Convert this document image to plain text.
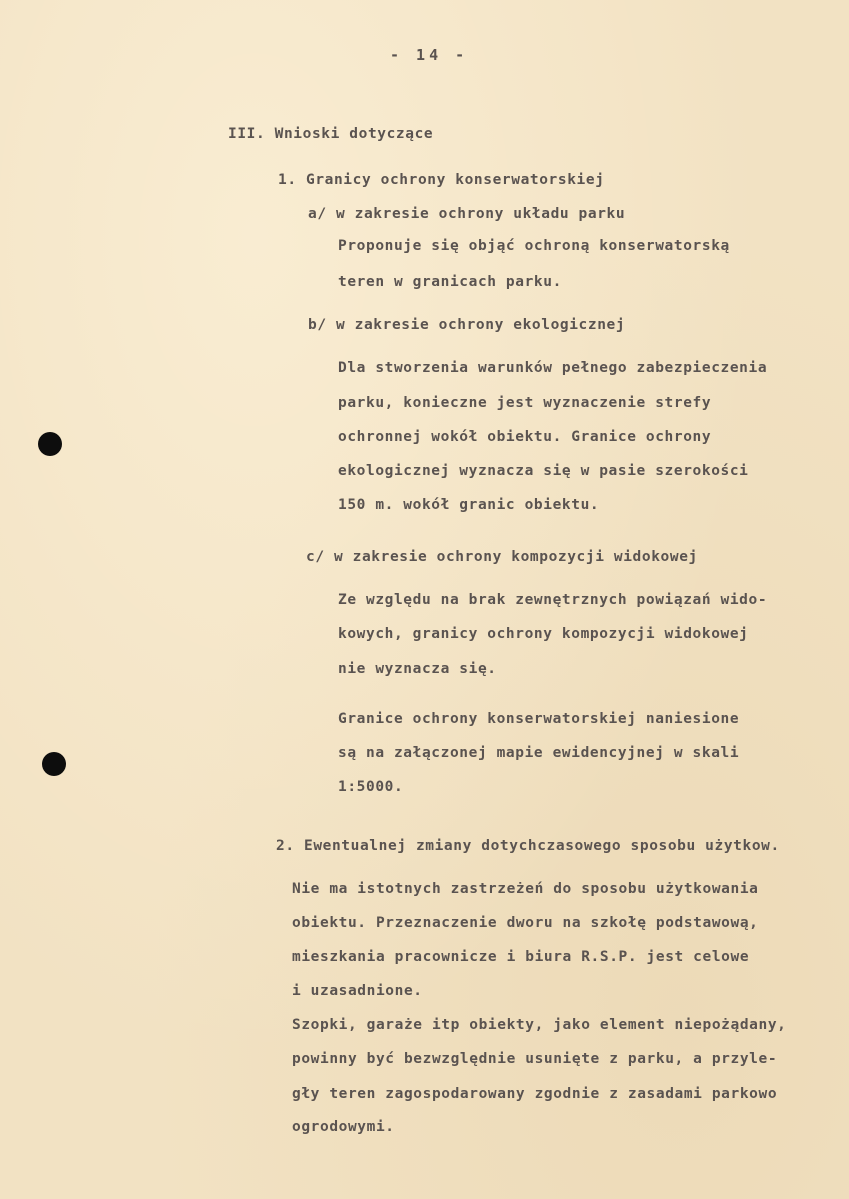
- 14 -
III. Wnioski dotyczące
1. Granicy ochrony konserwatorskiej
a/ w zakresie ochrony układu parku
Proponuje się objąć ochroną konserwatorską
teren w granicach parku.
b/ w zakresie ochrony ekologicznej
Dla stworzenia warunków pełnego zabezpieczenia
parku, konieczne jest wyznaczenie strefy
ochronnej wokół obiektu. Granice ochrony
ekologicznej wyznacza się w pasie szerokości
150 m. wokół granic obiektu.
c/ w zakresie ochrony kompozycji widokowej
Ze względu na brak zewnętrznych powiązań wido-
kowych, granicy ochrony kompozycji widokowej
nie wyznacza się.
Granice ochrony konserwatorskiej naniesione
są na załączonej mapie ewidencyjnej w skali
1:5000.
2. Ewentualnej zmiany dotychczasowego sposobu użytkow.
Nie ma istotnych zastrzeżeń do sposobu użytkowania
obiektu. Przeznaczenie dworu na szkołę podstawową,
mieszkania pracownicze i biura R.S.P. jest celowe
i uzasadnione.
Szopki, garaże itp obiekty, jako element niepożądany,
powinny być bezwzględnie usunięte z parku, a przyle-
gły teren zagospodarowany zgodnie z zasadami parkowo
ogrodowymi.
